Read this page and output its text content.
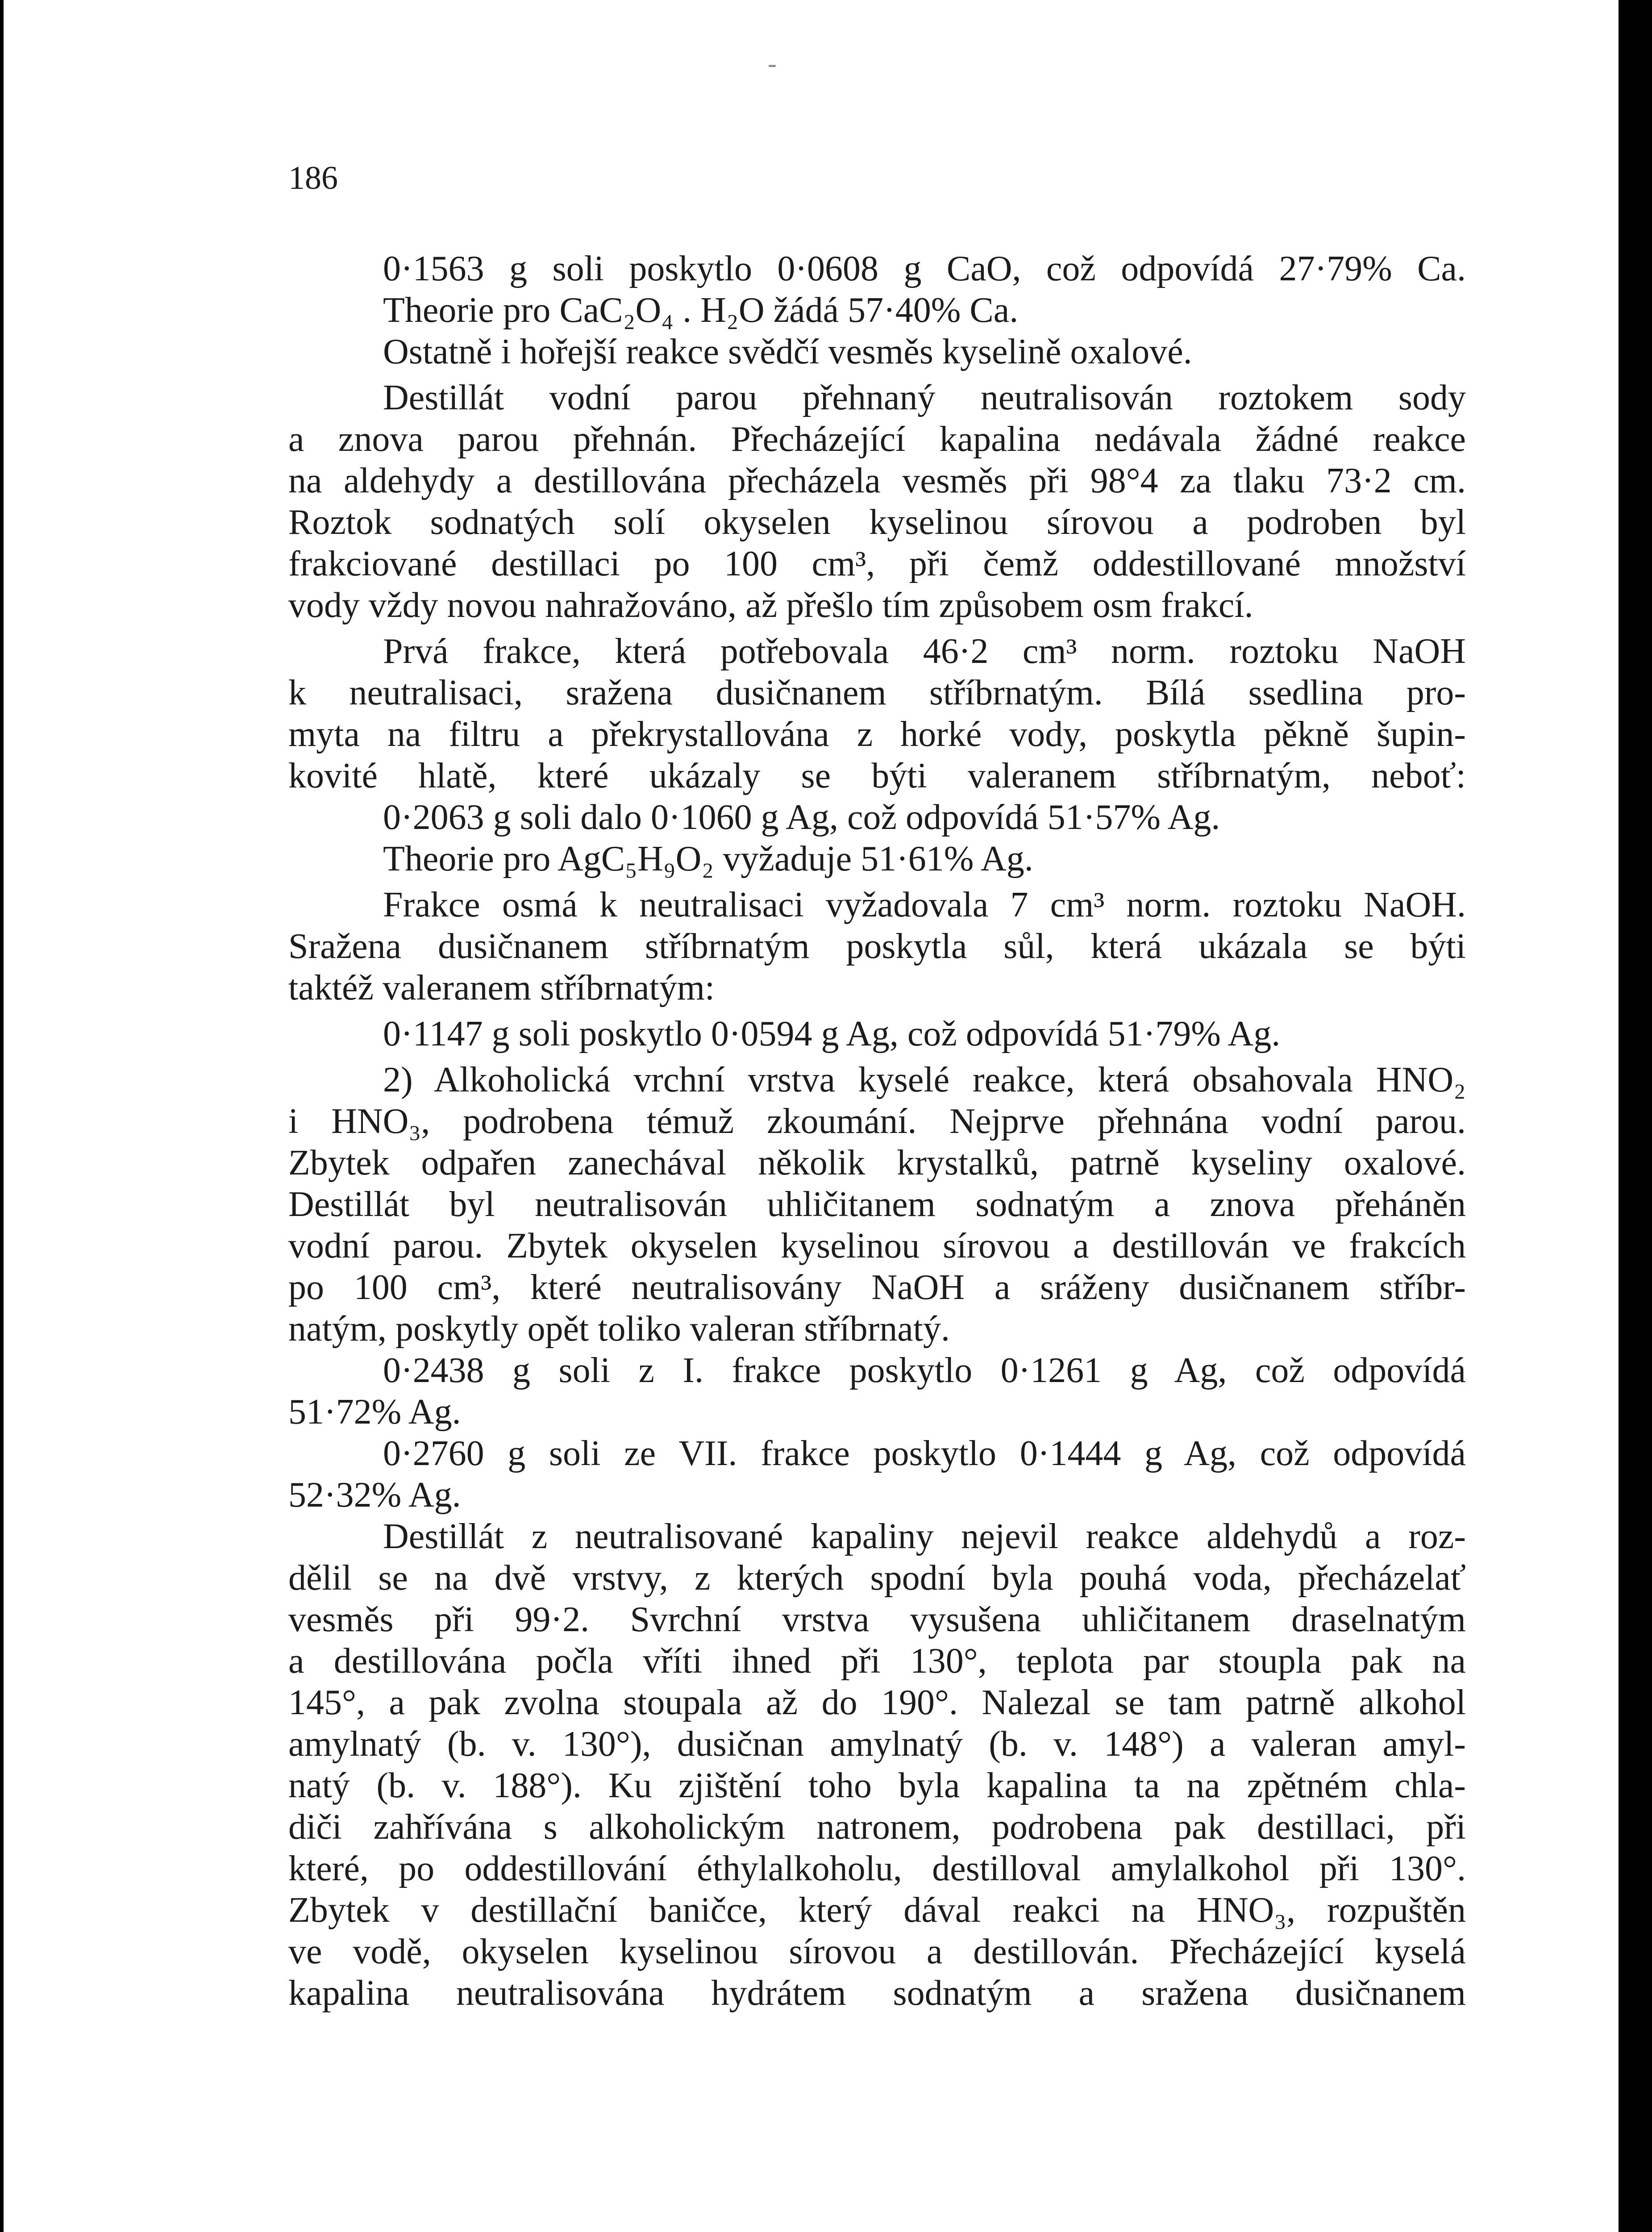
-
186
0·1563 g soli poskytlo 0·0608 g CaO, což odpovídá 27·79% Ca.
Theorie pro CaC₂O₄ . H₂O žádá 57·40% Ca.
Ostatně i hořejší reakce svědčí vesměs kyselině oxalové.
Destillát vodní parou přehnaný neutralisován roztokem sody
a znova parou přehnán. Přecházející kapalina nedávala žádné reakce
na aldehydy a destillována přecházela vesměs při 98°4 za tlaku 73·2 cm.
Roztok sodnatých solí okyselen kyselinou sírovou a podroben byl
frakciované destillaci po 100 cm³, při čemž oddestillované množství
vody vždy novou nahražováno, až přešlo tím způsobem osm frakcí.
Prvá frakce, která potřebovala 46·2 cm³ norm. roztoku NaOH
k neutralisaci, sražena dusičnanem stříbrnatým. Bílá ssedlina pro-
myta na filtru a překrystallována z horké vody, poskytla pěkně šupin-
kovité hlatě, které ukázaly se býti valeranem stříbrnatým, neboť:
0·2063 g soli dalo 0·1060 g Ag, což odpovídá 51·57% Ag.
Theorie pro AgC₅H₉O₂ vyžaduje 51·61% Ag.
Frakce osmá k neutralisaci vyžadovala 7 cm³ norm. roztoku NaOH.
Sražena dusičnanem stříbrnatým poskytla sůl, která ukázala se býti
taktéž valeranem stříbrnatým:
0·1147 g soli poskytlo 0·0594 g Ag, což odpovídá 51·79% Ag.
2) Alkoholická vrchní vrstva kyselé reakce, která obsahovala HNO₂
i HNO₃, podrobena témuž zkoumání. Nejprve přehnána vodní parou.
Zbytek odpařen zanechával několik krystalků, patrně kyseliny oxalové.
Destillát byl neutralisován uhličitanem sodnatým a znova přeháněn
vodní parou. Zbytek okyselen kyselinou sírovou a destillován ve frakcích
po 100 cm³, které neutralisovány NaOH a sráženy dusičnanem stříbr-
natým, poskytly opět toliko valeran stříbrnatý.
0·2438 g soli z I. frakce poskytlo 0·1261 g Ag, což odpovídá
51·72% Ag.
0·2760 g soli ze VII. frakce poskytlo 0·1444 g Ag, což odpovídá
52·32% Ag.
Destillát z neutralisované kapaliny nejevil reakce aldehydů a roz-
dělil se na dvě vrstvy, z kterých spodní byla pouhá voda, přecházelať
vesměs při 99·2. Svrchní vrstva vysušena uhličitanem draselnatým
a destillována počla vříti ihned při 130°, teplota par stoupla pak na
145°, a pak zvolna stoupala až do 190°. Nalezal se tam patrně alkohol
amylnatý (b. v. 130°), dusičnan amylnatý (b. v. 148°) a valeran amyl-
natý (b. v. 188°). Ku zjištění toho byla kapalina ta na zpětném chla-
diči zahřívána s alkoholickým natronem, podrobena pak destillaci, při
které, po oddestillování éthylalkoholu, destilloval amylalkohol při 130°.
Zbytek v destillační baničce, který dával reakci na HNO₃, rozpuštěn
ve vodě, okyselen kyselinou sírovou a destillován. Přecházející kyselá
kapalina neutralisována hydrátem sodnatým a sražena dusičnanem
